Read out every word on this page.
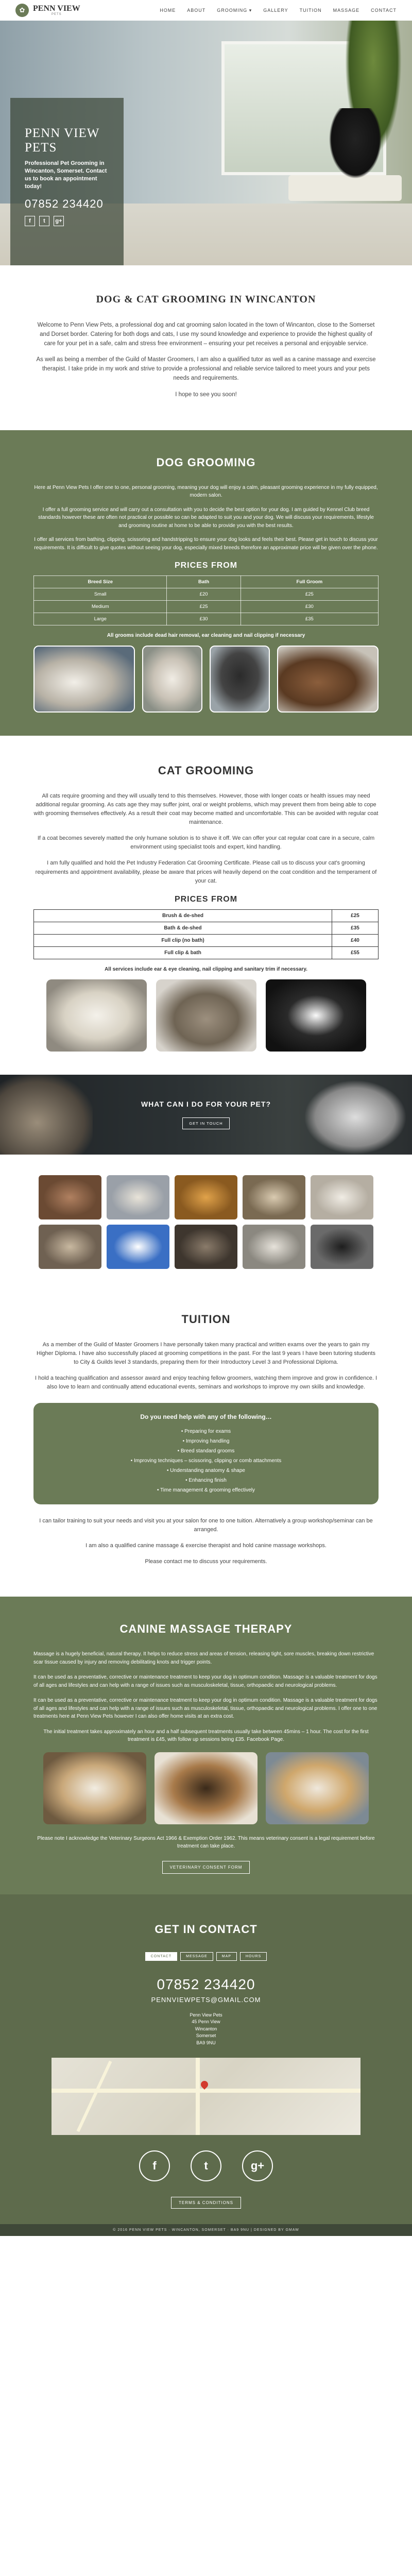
✿ PENN VIEW
PETS
HOME ABOUT GROOMING ▾ GALLERY TUITION MASSAGE CONTACT
PENN VIEW
PETS
Professional Pet Grooming in Wincanton, Somerset. Contact us to book an appointment today!
07852 234420
f	t	g+
DOG & CAT GROOMING IN WINCANTON

Welcome to Penn View Pets, a professional dog and cat grooming salon located in the town of Wincanton, close to the Somerset and Dorset border. Catering for both dogs and cats, I use my sound knowledge and experience to provide the highest quality of care for your pet in a safe, calm and stress free environment – ensuring your pet receives a personal and enjoyable service.

As well as being a member of the Guild of Master Groomers, I am also a qualified tutor as well as a canine massage and exercise therapist. I take pride in my work and strive to provide a professional and reliable service tailored to meet yours and your pets needs and requirements.

I hope to see you soon!

DOG GROOMING

Here at Penn View Pets I offer one to one, personal grooming, meaning your dog will enjoy a calm, pleasant grooming experience in my fully equipped, modern salon.

I offer a full grooming service and will carry out a consultation with you to decide the best option for your dog. I am guided by Kennel Club breed standards however these are often not practical or possible so can be adapted to suit you and your dog. We will discuss your requirements, lifestyle and grooming routine at home to be able to provide you with the best results.

I offer all services from bathing, clipping, scissoring and handstripping to ensure your dog looks and feels their best. Please get in touch to discuss your requirements. It is difficult to give quotes without seeing your dog, especially mixed breeds therefore an approximate price will be given over the phone.

PRICES FROM
Breed Size	Bath	Full Groom
Small	£20	£25
Medium	£25	£30
Large	£30	£35
All grooms include dead hair removal, ear cleaning and nail clipping if necessary
CAT GROOMING

All cats require grooming and they will usually tend to this themselves. However, those with longer coats or health issues may need additional regular grooming. As cats age they may suffer joint, oral or weight problems, which may prevent them from being able to cope with grooming themselves effectively. As a result their coat may become matted and uncomfortable. This can be avoided with regular coat maintenance.

If a coat becomes severely matted the only humane solution is to shave it off. We can offer your cat regular coat care in a secure, calm environment using specialist tools and expert, kind handling.

I am fully qualified and hold the Pet Industry Federation Cat Grooming Certificate. Please call us to discuss your cat's grooming requirements and appointment availability, please be aware that prices will heavily depend on the coat condition and the temperament of your cat.

PRICES FROM
Brush & de-shed	£25
Bath & de-shed	£35
Full clip (no bath)	£40
Full clip & bath	£55
All services include ear & eye cleaning, nail clipping and sanitary trim if necessary.
WHAT CAN I DO FOR YOUR PET?
GET IN TOUCH
TUITION

As a member of the Guild of Master Groomers I have personally taken many practical and written exams over the years to gain my Higher Diploma. I have also successfully placed at grooming competitions in the past. For the last 9 years I have been tutoring students to City & Guilds level 3 standards, preparing them for their Introductory Level 3 and Professional Diploma.

I hold a teaching qualification and assessor award and enjoy teaching fellow groomers, watching them improve and grow in confidence. I also love to learn and continually attend educational events, seminars and workshops to improve my own skills and knowledge.

Do you need help with any of the following…
• Preparing for exams
• Improving handling
• Breed standard grooms
• Improving techniques – scissoring, clipping or comb attachments
• Understanding anatomy & shape
• Enhancing finish
• Time management & grooming effectively

I can tailor training to suit your needs and visit you at your salon for one to one tuition. Alternatively a group workshop/seminar can be arranged.

I am also a qualified canine massage & exercise therapist and hold canine massage workshops.

Please contact me to discuss your requirements.

CANINE MASSAGE THERAPY

Massage is a hugely beneficial, natural therapy. It helps to reduce stress and areas of tension, releasing tight, sore muscles, breaking down restrictive scar tissue caused by injury and removing debilitating knots and trigger points.

It can be used as a preventative, corrective or maintenance treatment to keep your dog in optimum condition. Massage is a valuable treatment for dogs of all ages and lifestyles and can help with a range of issues such as musculoskeletal, tissue, orthopaedic and neurological problems.

It can be used as a preventative, corrective or maintenance treatment to keep your dog in optimum condition. Massage is a valuable treatment for dogs of all ages and lifestyles and can help with a range of issues such as musculoskeletal, tissue, orthopaedic and neurological problems. I offer one to one treatments here at Penn View Pets however I can also offer home visits at an extra cost.

The initial treatment takes approximately an hour and a half subsequent treatments usually take between 45mins – 1 hour. The cost for the first treatment is £45, with follow up sessions being £35. Facebook Page.

Please note I acknowledge the Veterinary Surgeons Act 1966 & Exemption Order 1962. This means veterinary consent is a legal requirement before treatment can take place.

VETERINARY CONSENT FORM
GET IN CONTACT
CONTACT	MESSAGE	MAP	HOURS
07852 234420
PENNVIEWPETS@GMAIL.COM
Penn View Pets
45 Penn View
Wincanton
Somerset
BA9 9NU
f	t	g+
TERMS & CONDITIONS
© 2016 PENN VIEW PETS · WINCANTON, SOMERSET · BA9 9NU | DESIGNED BY GMAW
